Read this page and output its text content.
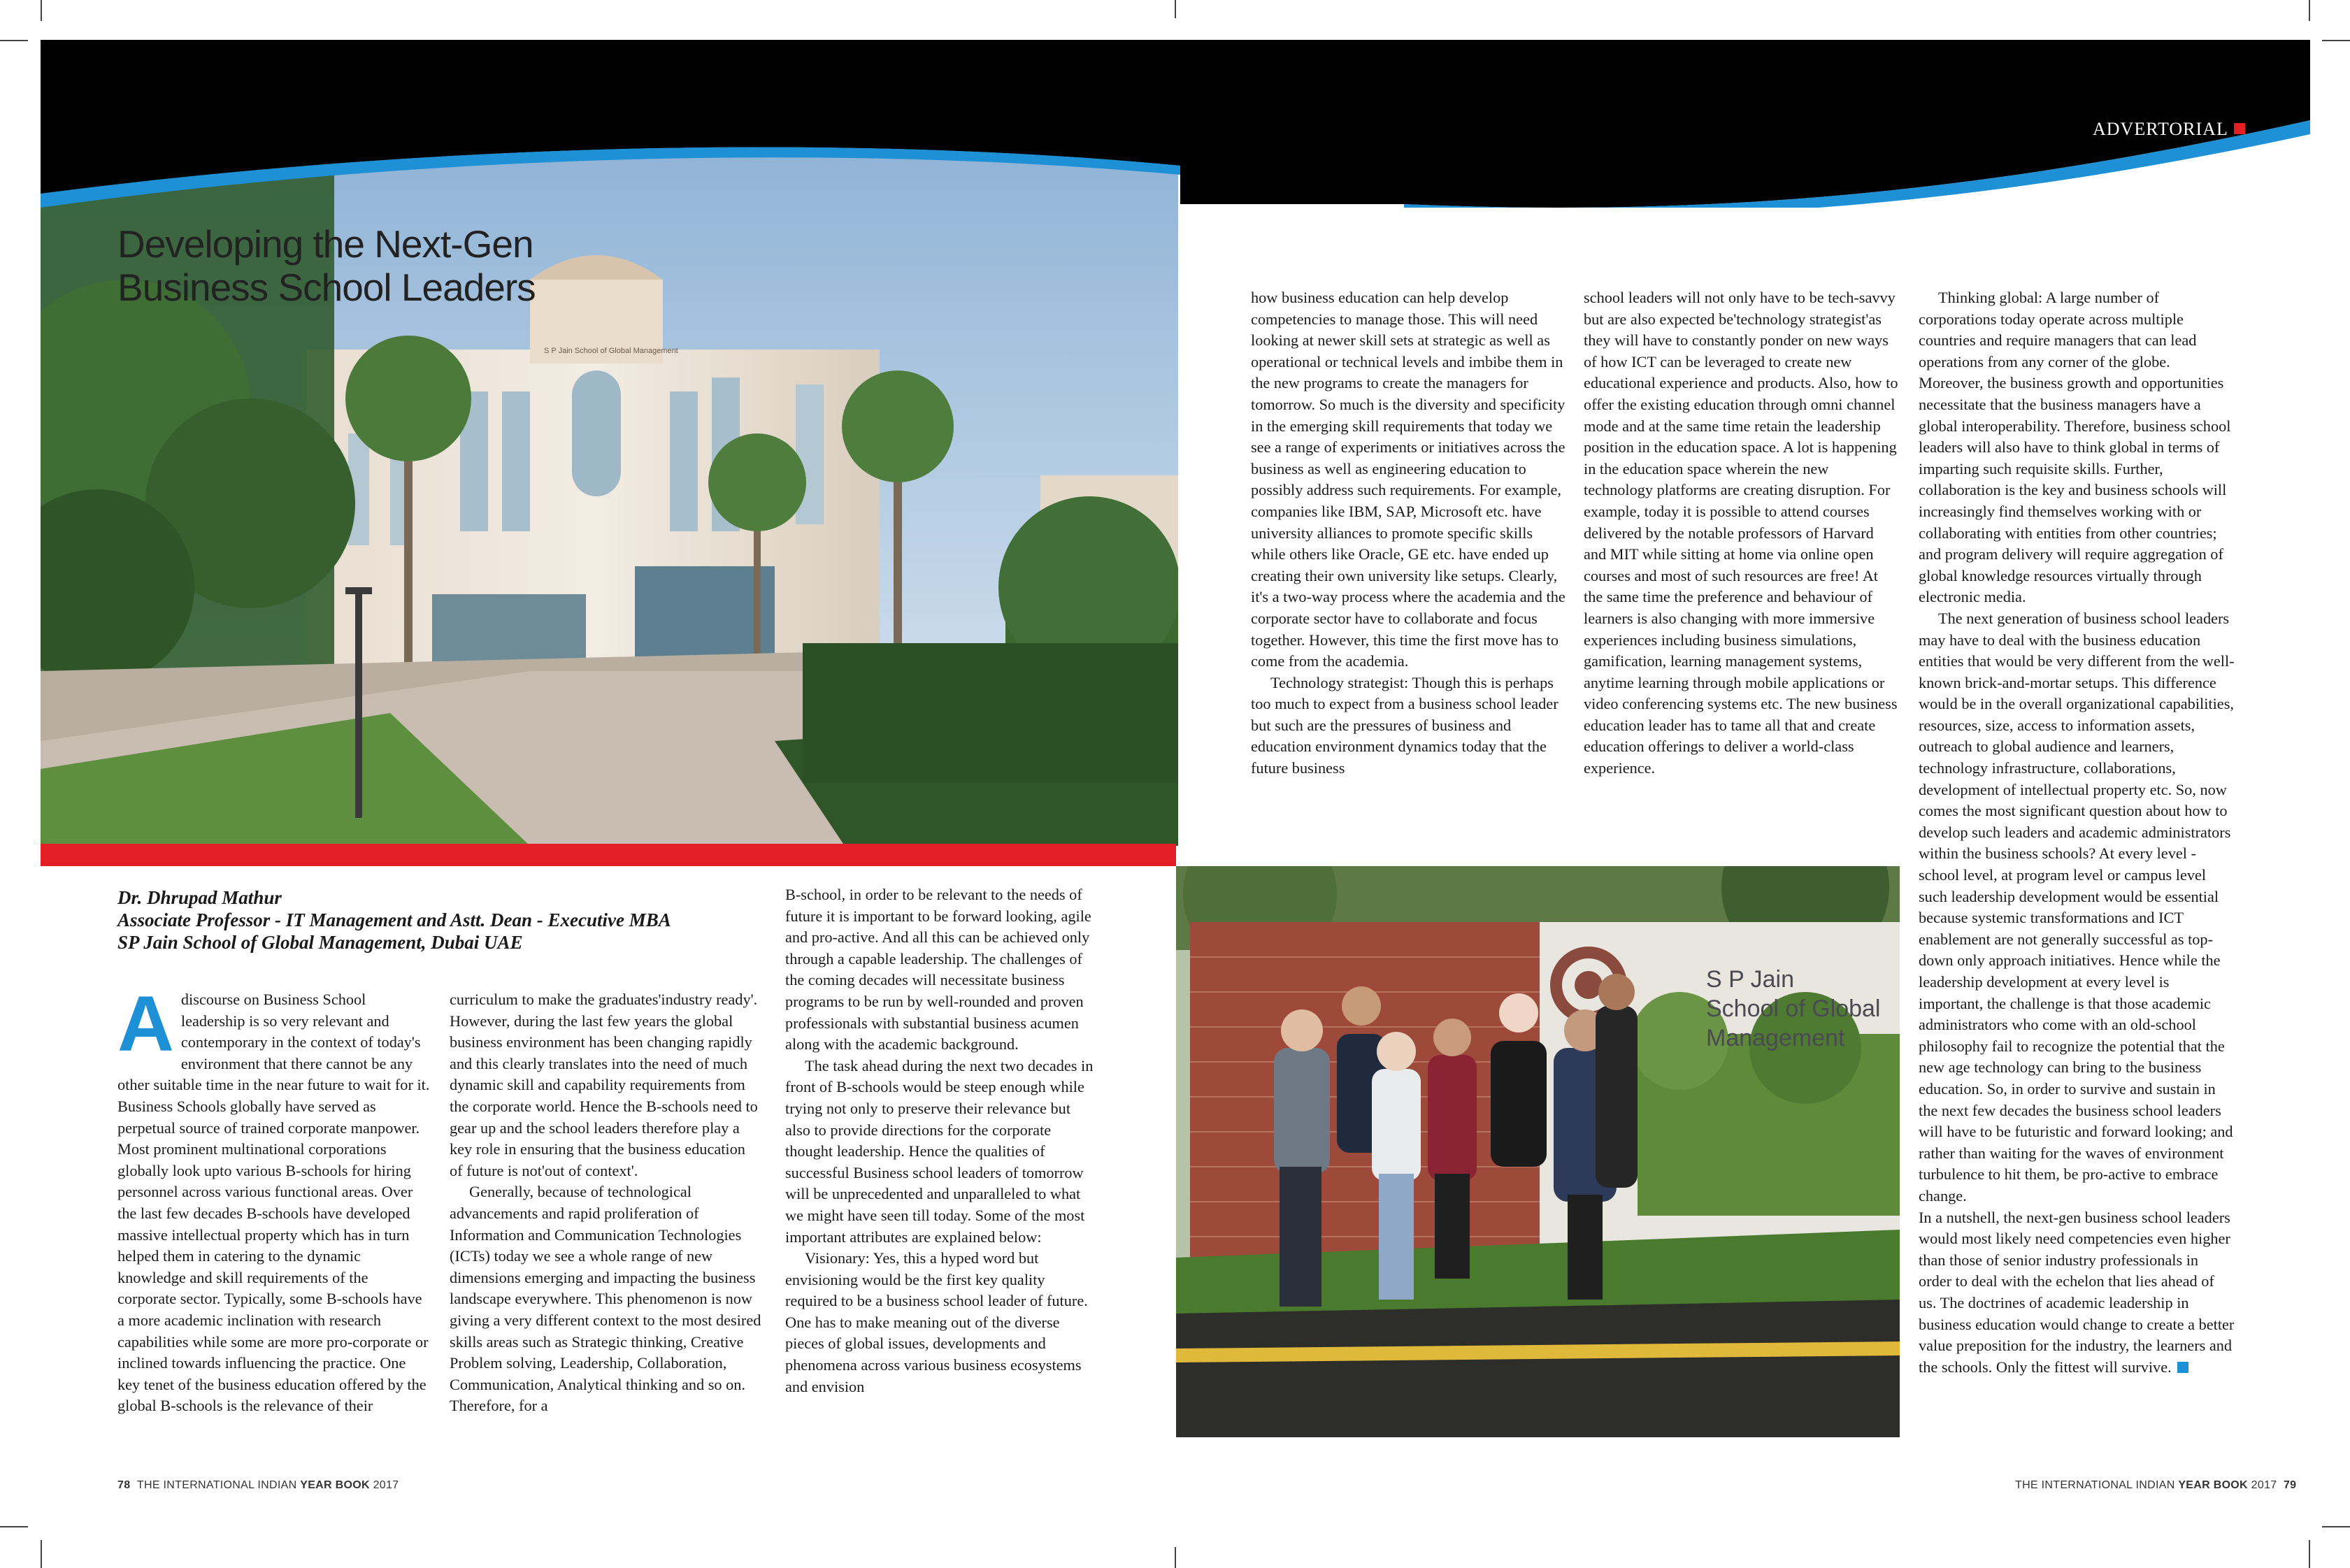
S P Jain School of Global Management
ADVERTORIAL
Developing the Next-Gen
Business School Leaders
Dr. Dhrupad Mathur
Associate Professor - IT Management and Astt. Dean - Executive MBA
SP Jain School of Global Management, Dubai UAE

Adiscourse on Business School leadership is so very relevant and contemporary in the context of today's environment that there cannot be any other suitable time in the near future to wait for it. Business Schools globally have served as perpetual source of trained corporate manpower. Most prominent multinational corporations globally look upto various B-schools for hiring personnel across various functional areas. Over the last few decades B-schools have developed massive intellectual property which has in turn helped them in catering to the dynamic knowledge and skill requirements of the corporate sector. Typically, some B-schools have a more academic inclination with research capabilities while some are more pro-corporate or inclined towards influencing the practice. One key tenet of the business education offered by the global B-schools is the relevance of their

curriculum to make the graduates'industry ready'. However, during the last few years the global business environment has been changing rapidly and this clearly translates into the need of much dynamic skill and capability requirements from the corporate world. Hence the B-schools need to gear up and the school leaders therefore play a key role in ensuring that the business education of future is not'out of context'.

Generally, because of technological advancements and rapid proliferation of Information and Communication Technologies (ICTs) today we see a whole range of new dimensions emerging and impacting the business landscape everywhere. This phenomenon is now giving a very different context to the most desired skills areas such as Strategic thinking, Creative Problem solving, Leadership, Collaboration, Communication, Analytical thinking and so on. Therefore, for a

B-school, in order to be relevant to the needs of future it is important to be forward looking, agile and pro-active. And all this can be achieved only through a capable leadership. The challenges of the coming decades will necessitate business programs to be run by well-rounded and proven professionals with substantial business acumen along with the academic background.

The task ahead during the next two decades in front of B-schools would be steep enough while trying not only to preserve their relevance but also to provide directions for the corporate thought leadership. Hence the qualities of successful Business school leaders of tomorrow will be unprecedented and unparalleled to what we might have seen till today. Some of the most important attributes are explained below:

Visionary: Yes, this a hyped word but envisioning would be the first key quality required to be a business school leader of future. One has to make meaning out of the diverse pieces of global issues, developments and phenomena across various business ecosystems and envision

how business education can help develop competencies to manage those. This will need looking at newer skill sets at strategic as well as operational or technical levels and imbibe them in the new programs to create the managers for tomorrow. So much is the diversity and specificity in the emerging skill requirements that today we see a range of experiments or initiatives across the business as well as engineering education to possibly address such requirements. For example, companies like IBM, SAP, Microsoft etc. have university alliances to promote specific skills while others like Oracle, GE etc. have ended up creating their own university like setups. Clearly, it's a two-way process where the academia and the corporate sector have to collaborate and focus together. However, this time the first move has to come from the academia.

Technology strategist: Though this is perhaps too much to expect from a business school leader but such are the pressures of business and education environment dynamics today that the future business

school leaders will not only have to be tech-savvy but are also expected be'technology strategist'as they will have to constantly ponder on new ways of how ICT can be leveraged to create new educational experience and products. Also, how to offer the existing education through omni channel mode and at the same time retain the leadership position in the education space. A lot is happening in the education space wherein the new technology platforms are creating disruption. For example, today it is possible to attend courses delivered by the notable professors of Harvard and MIT while sitting at home via online open courses and most of such resources are free! At the same time the preference and behaviour of learners is also changing with more immersive experiences including business simulations, gamification, learning management systems, anytime learning through mobile applications or video conferencing systems etc. The new business education leader has to tame all that and create education offerings to deliver a world-class experience.

Thinking global: A large number of corporations today operate across multiple countries and require managers that can lead operations from any corner of the globe. Moreover, the business growth and opportunities necessitate that the business managers have a global interoperability. Therefore, business school leaders will also have to think global in terms of imparting such requisite skills. Further, collaboration is the key and business schools will increasingly find themselves working with or collaborating with entities from other countries; and program delivery will require aggregation of global knowledge resources virtually through electronic media.

The next generation of business school leaders may have to deal with the business education entities that would be very different from the well-known brick-and-mortar setups. This difference would be in the overall organizational capabilities, resources, size, access to information assets, outreach to global audience and learners, technology infrastructure, collaborations, development of intellectual property etc. So, now comes the most significant question about how to develop such leaders and academic administrators within the business schools? At every level - school level, at program level or campus level such leadership development would be essential because systemic transformations and ICT enablement are not generally successful as top-down only approach initiatives. Hence while the leadership development at every level is important, the challenge is that those academic administrators who come with an old-school philosophy fail to recognize the potential that the new age technology can bring to the business education. So, in order to survive and sustain in the next few decades the business school leaders will have to be futuristic and forward looking; and rather than waiting for the waves of environment turbulence to hit them, be pro-active to embrace change.

In a nutshell, the next-gen business school leaders would most likely need competencies even higher than those of senior industry professionals in order to deal with the echelon that lies ahead of us. The doctrines of academic leadership in business education would change to create a better value preposition for the industry, the learners and the schools. Only the fittest will survive.

S P Jain
School of Global
Management
78 THE INTERNATIONAL INDIAN YEAR BOOK 2017	THE INTERNATIONAL INDIAN YEAR BOOK 2017 79
